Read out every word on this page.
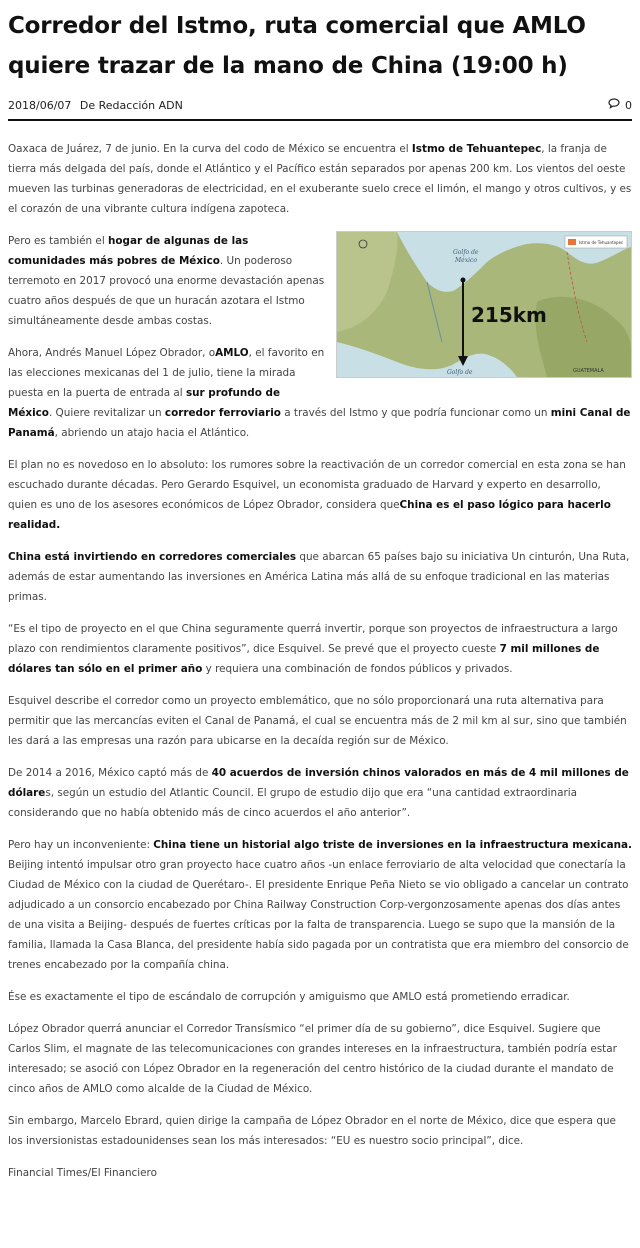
Corredor del Istmo, ruta comercial que AMLO quiere trazar de la mano de China (19:00 h)
2018/06/07 De Redacción ADN	0

Oaxaca de Juárez, 7 de junio. En la curva del codo de México se encuentra el Istmo de Tehuantepec, la franja de tierra más delgada del país, donde el Atlántico y el Pacífico están separados por apenas 200 km. Los vientos del oeste mueven las turbinas generadoras de electricidad, en el exuberante suelo crece el limón, el mango y otros cultivos, y es el corazón de una vibrante cultura indígena zapoteca.

Golfo de
México
Golfo de	GUATEMALA
Istmo de Tehuantepec
215km

Pero es también el hogar de algunas de las comunidades más pobres de México. Un poderoso terremoto en 2017 provocó una enorme devastación apenas cuatro años después de que un huracán azotara el Istmo simultáneamente desde ambas costas.

Ahora, Andrés Manuel López Obrador, oAMLO, el favorito en las elecciones mexicanas del 1 de julio, tiene la mirada puesta en la puerta de entrada al sur profundo de México. Quiere revitalizar un corredor ferroviario a través del Istmo y que podría funcionar como un mini Canal de Panamá, abriendo un atajo hacia el Atlántico.

El plan no es novedoso en lo absoluto: los rumores sobre la reactivación de un corredor comercial en esta zona se han escuchado durante décadas. Pero Gerardo Esquivel, un economista graduado de Harvard y experto en desarrollo, quien es uno de los asesores económicos de López Obrador, considera queChina es el paso lógico para hacerlo realidad.

China está invirtiendo en corredores comerciales que abarcan 65 países bajo su iniciativa Un cinturón, Una Ruta, además de estar aumentando las inversiones en América Latina más allá de su enfoque tradicional en las materias primas.

“Es el tipo de proyecto en el que China seguramente querrá invertir, porque son proyectos de infraestructura a largo plazo con rendimientos claramente positivos”, dice Esquivel. Se prevé que el proyecto cueste 7 mil millones de dólares tan sólo en el primer año y requiera una combinación de fondos públicos y privados.

Esquivel describe el corredor como un proyecto emblemático, que no sólo proporcionará una ruta alternativa para permitir que las mercancías eviten el Canal de Panamá, el cual se encuentra más de 2 mil km al sur, sino que también les dará a las empresas una razón para ubicarse en la decaída región sur de México.

De 2014 a 2016, México captó más de 40 acuerdos de inversión chinos valorados en más de 4 mil millones de dólares, según un estudio del Atlantic Council. El grupo de estudio dijo que era “una cantidad extraordinaria considerando que no había obtenido más de cinco acuerdos el año anterior”.

Pero hay un inconveniente: China tiene un historial algo triste de inversiones en la infraestructura mexicana. Beijing intentó impulsar otro gran proyecto hace cuatro años -un enlace ferroviario de alta velocidad que conectaría la Ciudad de México con la ciudad de Querétaro-. El presidente Enrique Peña Nieto se vio obligado a cancelar un contrato adjudicado a un consorcio encabezado por China Railway Construction Corp-vergonzosamente apenas dos días antes de una visita a Beijing- después de fuertes críticas por la falta de transparencia. Luego se supo que la mansión de la familia, llamada la Casa Blanca, del presidente había sido pagada por un contratista que era miembro del consorcio de trenes encabezado por la compañía china.

Ése es exactamente el tipo de escándalo de corrupción y amiguismo que AMLO está prometiendo erradicar.

López Obrador querrá anunciar el Corredor Transísmico “el primer día de su gobierno”, dice Esquivel. Sugiere que Carlos Slim, el magnate de las telecomunicaciones con grandes intereses en la infraestructura, también podría estar interesado; se asoció con López Obrador en la regeneración del centro histórico de la ciudad durante el mandato de cinco años de AMLO como alcalde de la Ciudad de México.

Sin embargo, Marcelo Ebrard, quien dirige la campaña de López Obrador en el norte de México, dice que espera que los inversionistas estadounidenses sean los más interesados: “EU es nuestro socio principal”, dice.

Financial Times/El Financiero
